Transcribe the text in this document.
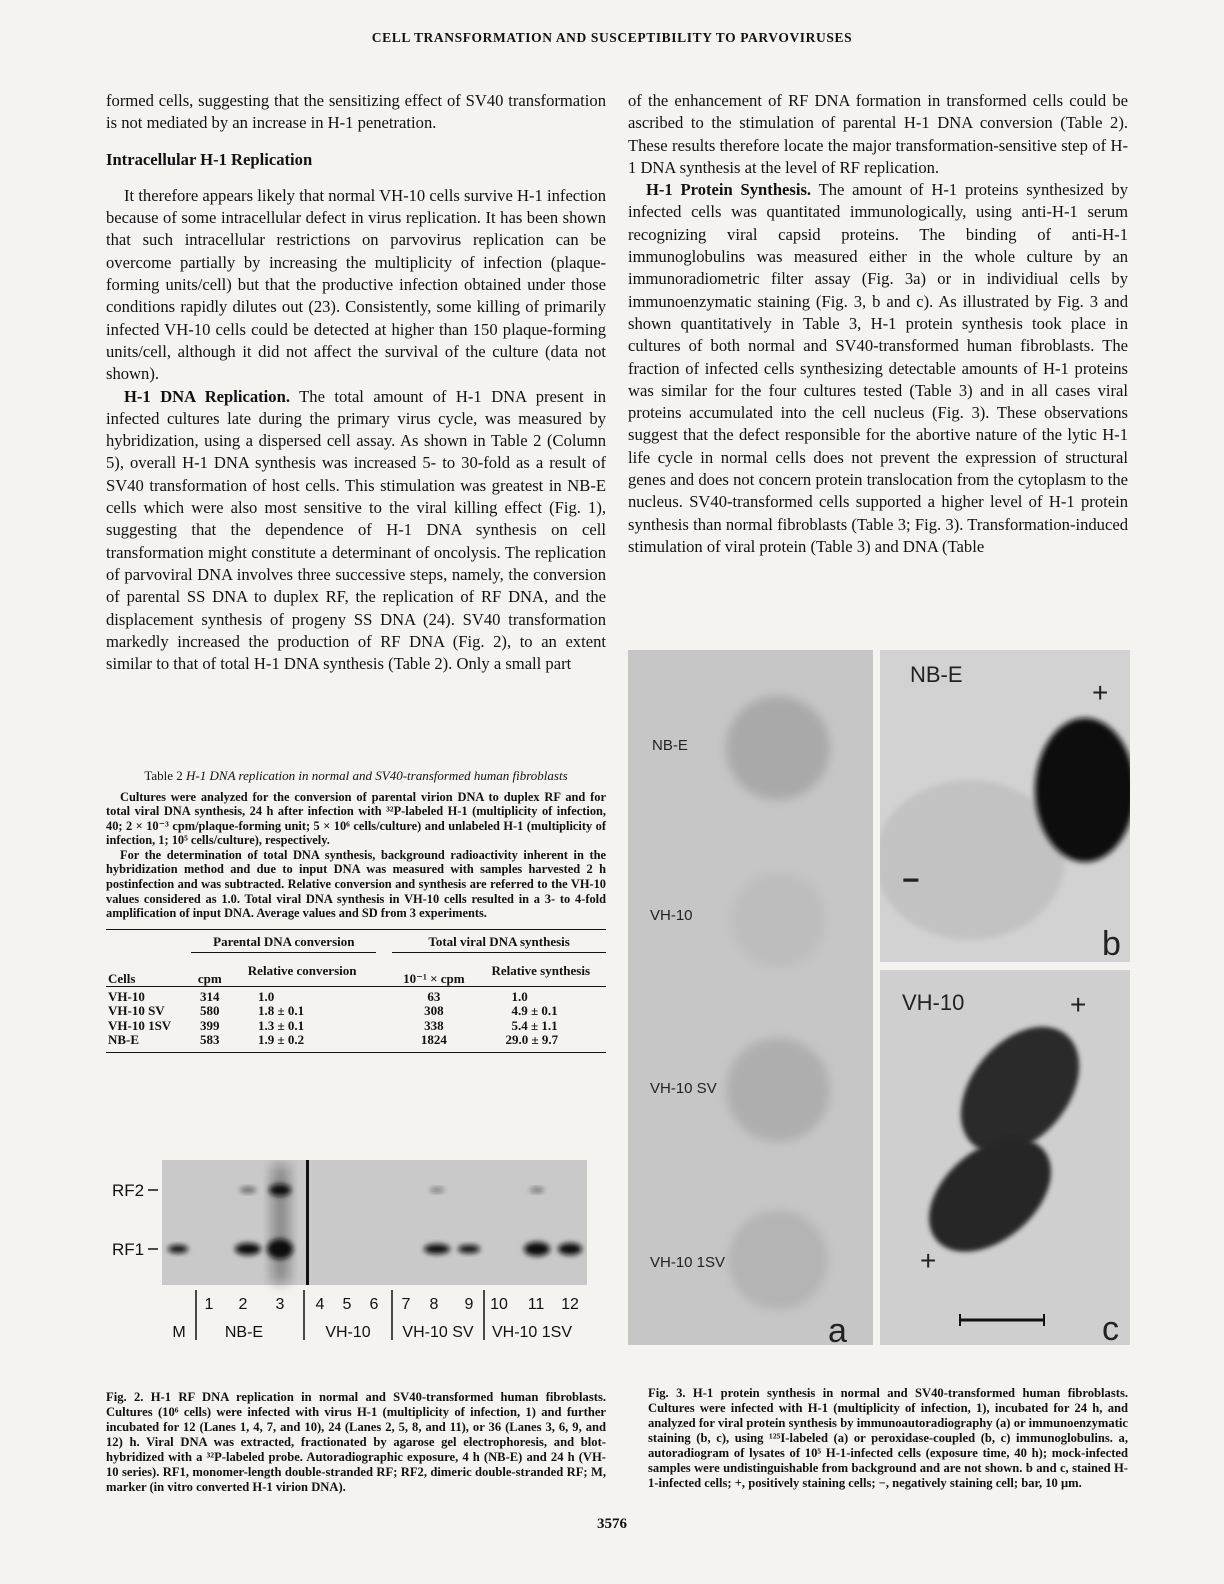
CELL TRANSFORMATION AND SUSCEPTIBILITY TO PARVOVIRUSES

formed cells, suggesting that the sensitizing effect of SV40 transformation is not mediated by an increase in H-1 penetration.

Intracellular H-1 Replication

It therefore appears likely that normal VH-10 cells survive H-1 infection because of some intracellular defect in virus replication. It has been shown that such intracellular restrictions on parvovirus replication can be overcome partially by increasing the multiplicity of infection (plaque-forming units/cell) but that the productive infection obtained under those conditions rapidly dilutes out (23). Consistently, some killing of primarily infected VH-10 cells could be detected at higher than 150 plaque-forming units/cell, although it did not affect the survival of the culture (data not shown).

H-1 DNA Replication. The total amount of H-1 DNA present in infected cultures late during the primary virus cycle, was measured by hybridization, using a dispersed cell assay. As shown in Table 2 (Column 5), overall H-1 DNA synthesis was increased 5- to 30-fold as a result of SV40 transformation of host cells. This stimulation was greatest in NB-E cells which were also most sensitive to the viral killing effect (Fig. 1), suggesting that the dependence of H-1 DNA synthesis on cell transformation might constitute a determinant of oncolysis. The replication of parvoviral DNA involves three successive steps, namely, the conversion of parental SS DNA to duplex RF, the replication of RF DNA, and the displacement synthesis of progeny SS DNA (24). SV40 transformation markedly increased the production of RF DNA (Fig. 2), to an extent similar to that of total H-1 DNA synthesis (Table 2). Only a small part

of the enhancement of RF DNA formation in transformed cells could be ascribed to the stimulation of parental H-1 DNA conversion (Table 2). These results therefore locate the major transformation-sensitive step of H-1 DNA synthesis at the level of RF replication.

H-1 Protein Synthesis. The amount of H-1 proteins synthesized by infected cells was quantitated immunologically, using anti-H-1 serum recognizing viral capsid proteins. The binding of anti-H-1 immunoglobulins was measured either in the whole culture by an immunoradiometric filter assay (Fig. 3a) or in individiual cells by immunoenzymatic staining (Fig. 3, b and c). As illustrated by Fig. 3 and shown quantitatively in Table 3, H-1 protein synthesis took place in cultures of both normal and SV40-transformed human fibroblasts. The fraction of infected cells synthesizing detectable amounts of H-1 proteins was similar for the four cultures tested (Table 3) and in all cases viral proteins accumulated into the cell nucleus (Fig. 3). These observations suggest that the defect responsible for the abortive nature of the lytic H-1 life cycle in normal cells does not prevent the expression of structural genes and does not concern protein translocation from the cytoplasm to the nucleus. SV40-transformed cells supported a higher level of H-1 protein synthesis than normal fibroblasts (Table 3; Fig. 3). Transformation-induced stimulation of viral protein (Table 3) and DNA (Table

Table 2 H-1 DNA replication in normal and SV40-transformed human fibroblasts

Cultures were analyzed for the conversion of parental virion DNA to duplex RF and for total viral DNA synthesis, 24 h after infection with ³²P-labeled H-1 (multiplicity of infection, 40; 2 × 10⁻³ cpm/plaque-forming unit; 5 × 10⁶ cells/culture) and unlabeled H-1 (multiplicity of infection, 1; 10⁵ cells/culture), respectively.

For the determination of total DNA synthesis, background radioactivity inherent in the hybridization method and due to input DNA was measured with samples harvested 2 h postinfection and was subtracted. Relative conversion and synthesis are referred to the VH-10 values considered as 1.0. Total viral DNA synthesis in VH-10 cells resulted in a 3- to 4-fold amplification of input DNA. Average values and SD from 3 experiments.

	Parental DNA conversion			Total viral DNA synthesis	
Cells	cpm	Relative conversion		10⁻¹ × cpm	Relative synthesis
VH-10	314	1.0		63	1.0
VH-10 SV	580	1.8 ± 0.1		308	4.9 ± 0.1
VH-10 1SV	399	1.3 ± 0.1		338	5.4 ± 1.1
NB-E	583	1.9 ± 0.2		1824	29.0 ± 9.7
RF2
RF1
1 2 3 4 5 6 7 8 9 10 11 12
M NB-E	VH-10 VH-10 SV VH-10 1SV
Fig. 2. H-1 RF DNA replication in normal and SV40-transformed human fibroblasts. Cultures (10⁶ cells) were infected with virus H-1 (multiplicity of infection, 1) and further incubated for 12 (Lanes 1, 4, 7, and 10), 24 (Lanes 2, 5, 8, and 11), or 36 (Lanes 3, 6, 9, and 12) h. Viral DNA was extracted, fractionated by agarose gel electrophoresis, and blot-hybridized with a ³²P-labeled probe. Autoradiographic exposure, 4 h (NB-E) and 24 h (VH-10 series). RF1, monomer-length double-stranded RF; RF2, dimeric double-stranded RF; M, marker (in vitro converted H-1 virion DNA).
NB-E
VH-10
VH-10 SV
VH-10 1SV
a
NB-E
+
−
b
VH-10	+
+
c
Fig. 3. H-1 protein synthesis in normal and SV40-transformed human fibroblasts. Cultures were infected with H-1 (multiplicity of infection, 1), incubated for 24 h, and analyzed for viral protein synthesis by immunoautoradiography (a) or immunoenzymatic staining (b, c), using ¹²⁵I-labeled (a) or peroxidase-coupled (b, c) immunoglobulins. a, autoradiogram of lysates of 10⁵ H-1-infected cells (exposure time, 40 h); mock-infected samples were undistinguishable from background and are not shown. b and c, stained H-1-infected cells; +, positively staining cells; −, negatively staining cell; bar, 10 μm.
3576
